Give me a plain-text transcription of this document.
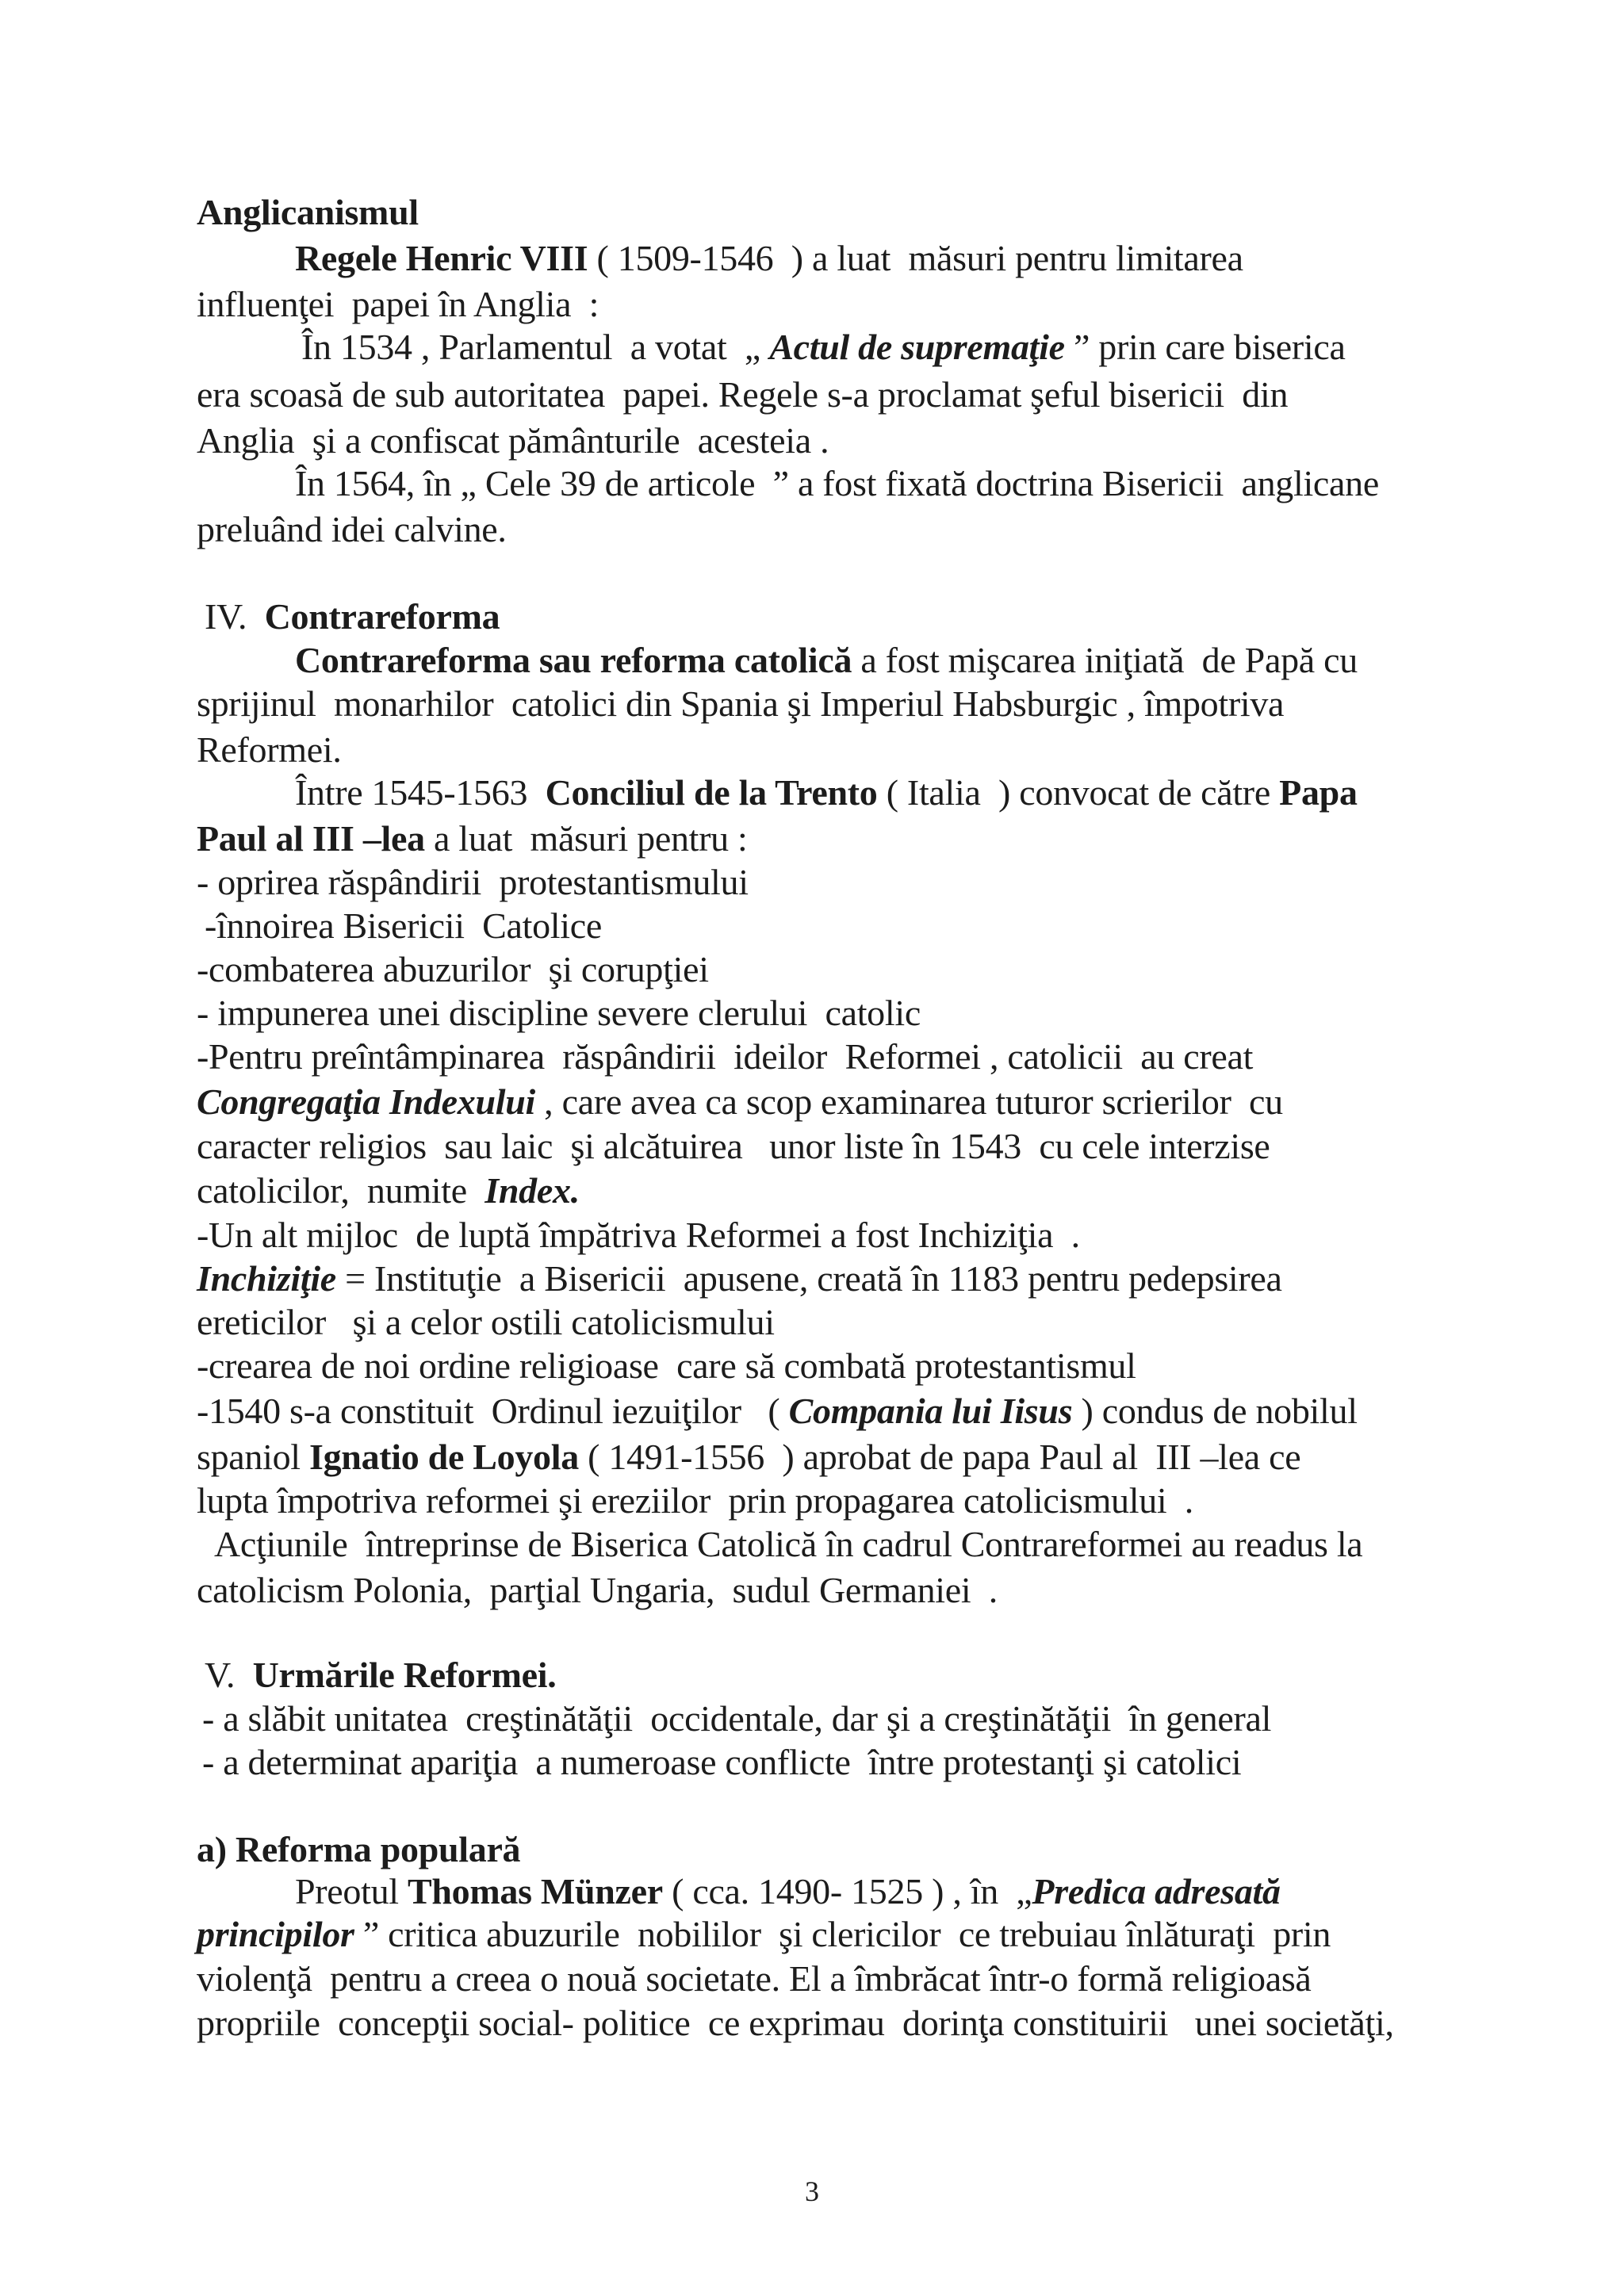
Anglicanismul
Regele Henric VIII ( 1509-1546  ) a luat  măsuri pentru limitarea
influenţei  papei în Anglia  :
În 1534 , Parlamentul  a votat  „ Actul de supremaţie ” prin care biserica
era scoasă de sub autoritatea  papei. Regele s-a proclamat şeful bisericii  din
Anglia  şi a confiscat pământurile  acesteia .
În 1564, în „ Cele 39 de articole  ” a fost fixată doctrina Bisericii  anglicane
preluând idei calvine.
IV.  Contrareforma
Contrareforma sau reforma catolică a fost mişcarea iniţiată  de Papă cu
sprijinul  monarhilor  catolici din Spania şi Imperiul Habsburgic , împotriva
Reformei.
Între 1545-1563  Conciliul de la Trento ( Italia  ) convocat de către Papa
Paul al III –lea a luat  măsuri pentru :
- oprirea răspândirii  protestantismului
-înnoirea Bisericii  Catolice
-combaterea abuzurilor  şi corupţiei
- impunerea unei discipline severe clerului  catolic
-Pentru preîntâmpinarea  răspândirii  ideilor  Reformei , catolicii  au creat
Congregaţia Indexului , care avea ca scop examinarea tuturor scrierilor  cu
caracter religios  sau laic  şi alcătuirea   unor liste în 1543  cu cele interzise
catolicilor,  numite  Index.
-Un alt mijloc  de luptă împătriva Reformei a fost Inchiziţia  .
Inchiziţie = Instituţie  a Bisericii  apusene, creată în 1183 pentru pedepsirea
ereticilor   şi a celor ostili catolicismului
-crearea de noi ordine religioase  care să combată protestantismul
-1540 s-a constituit  Ordinul iezuiţilor   ( Compania lui Iisus ) condus de nobilul
spaniol Ignatio de Loyola ( 1491-1556  ) aprobat de papa Paul al  III –lea ce
lupta împotriva reformei şi ereziilor  prin propagarea catolicismului  .
Acţiunile  întreprinse de Biserica Catolică în cadrul Contrareformei au readus la
catolicism Polonia,  parţial Ungaria,  sudul Germaniei  .
V.  Urmările Reformei.
- a slăbit unitatea  creştinătăţii  occidentale, dar şi a creştinătăţii  în general
- a determinat apariţia  a numeroase conflicte  între protestanţi şi catolici
a) Reforma populară
Preotul Thomas Münzer ( cca. 1490- 1525 ) , în  „Predica adresată
principilor ” critica abuzurile  nobililor  şi clericilor  ce trebuiau înlăturaţi  prin
violenţă  pentru a creea o nouă societate. El a îmbrăcat într-o formă religioasă
propriile  concepţii social- politice  ce exprimau  dorinţa constituirii   unei societăţi,
3
